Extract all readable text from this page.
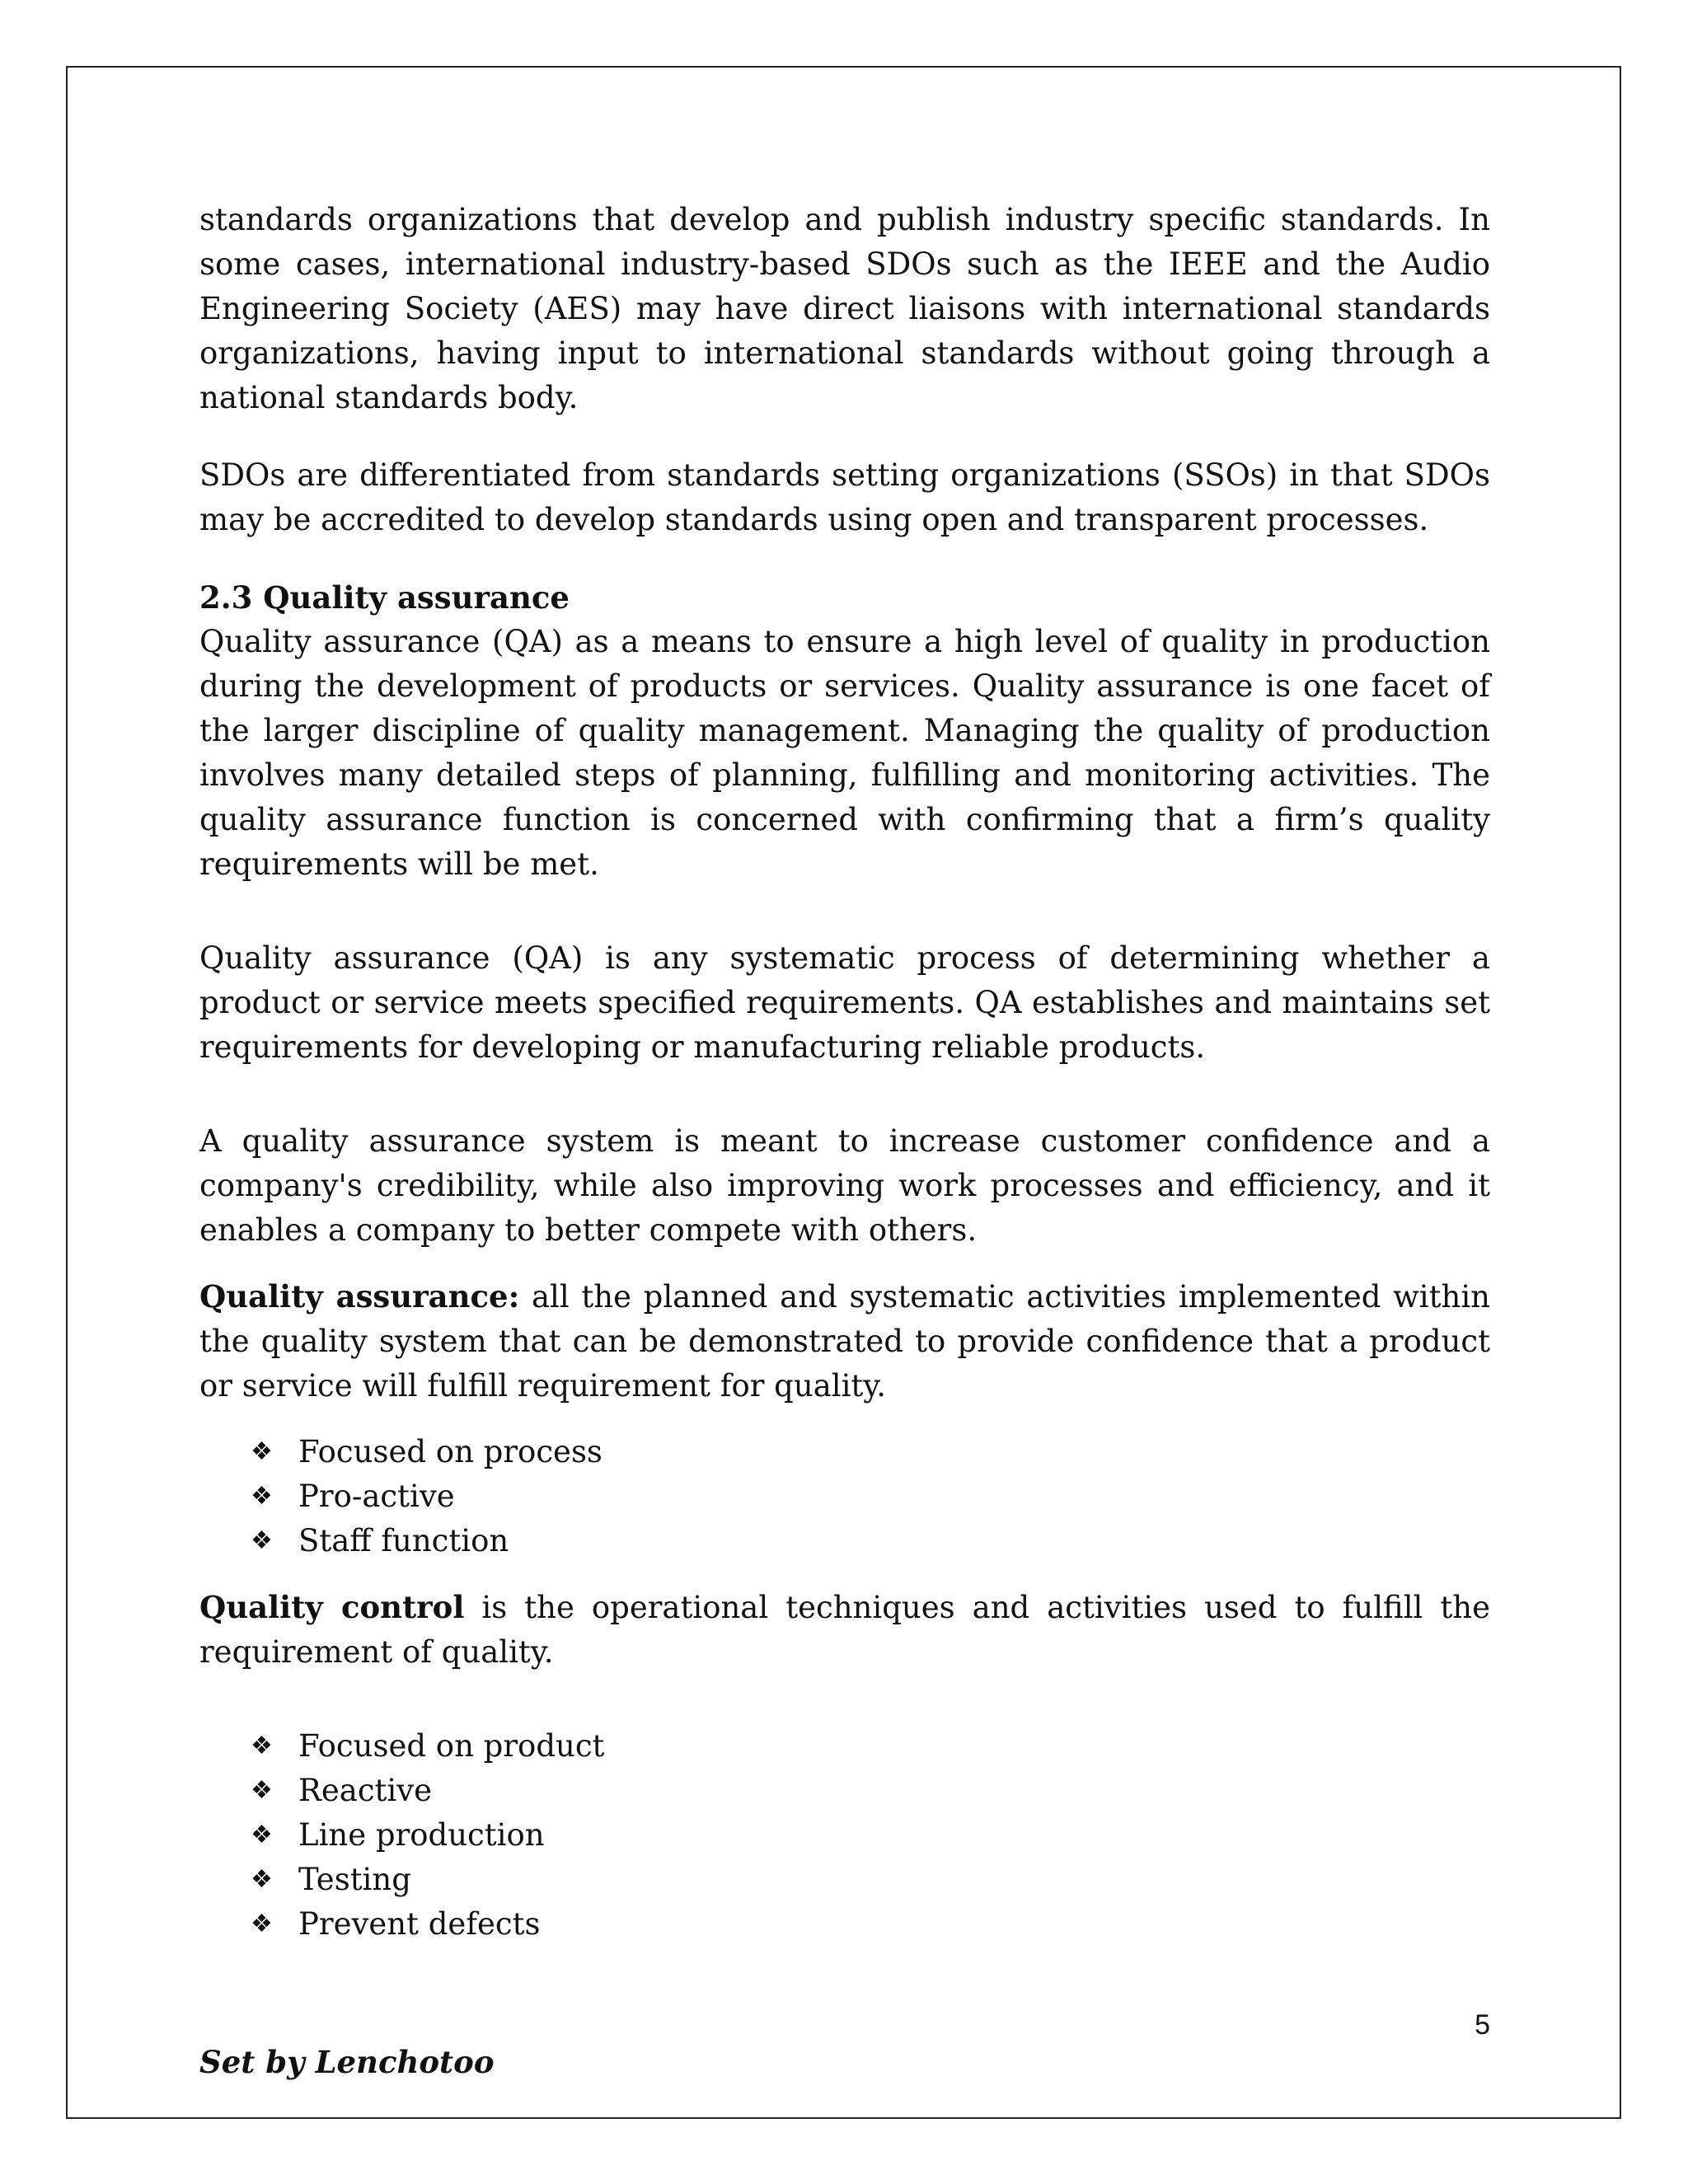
standards organizations that develop and publish industry specific standards. In some cases, international industry-based SDOs such as the IEEE and the Audio Engineering Society (AES) may have direct liaisons with international standards organizations, having input to international standards without going through a national standards body.

SDOs are differentiated from standards setting organizations (SSOs) in that SDOs may be accredited to develop standards using open and transparent processes.

2.3 Quality assurance

Quality assurance (QA) as a means to ensure a high level of quality in production during the development of products or services. Quality assurance is one facet of the larger discipline of quality management. Managing the quality of production involves many detailed steps of planning, fulfilling and monitoring activities. The quality assurance function is concerned with confirming that a firm’s quality requirements will be met.

Quality assurance (QA) is any systematic process of determining whether a product or service meets specified requirements. QA establishes and maintains set requirements for developing or manufacturing reliable products.

A quality assurance system is meant to increase customer confidence and a company's credibility, while also improving work processes and efficiency, and it enables a company to better compete with others.

Quality assurance: all the planned and systematic activities implemented within the quality system that can be demonstrated to provide confidence that a product or service will fulfill requirement for quality.

❖ Focused on process
❖ Pro-active
❖ Staff function

Quality control is the operational techniques and activities used to fulfill the requirement of quality.

❖ Focused on product
❖ Reactive
❖ Line production
❖ Testing
❖ Prevent defects
5
Set by Lenchotoo
